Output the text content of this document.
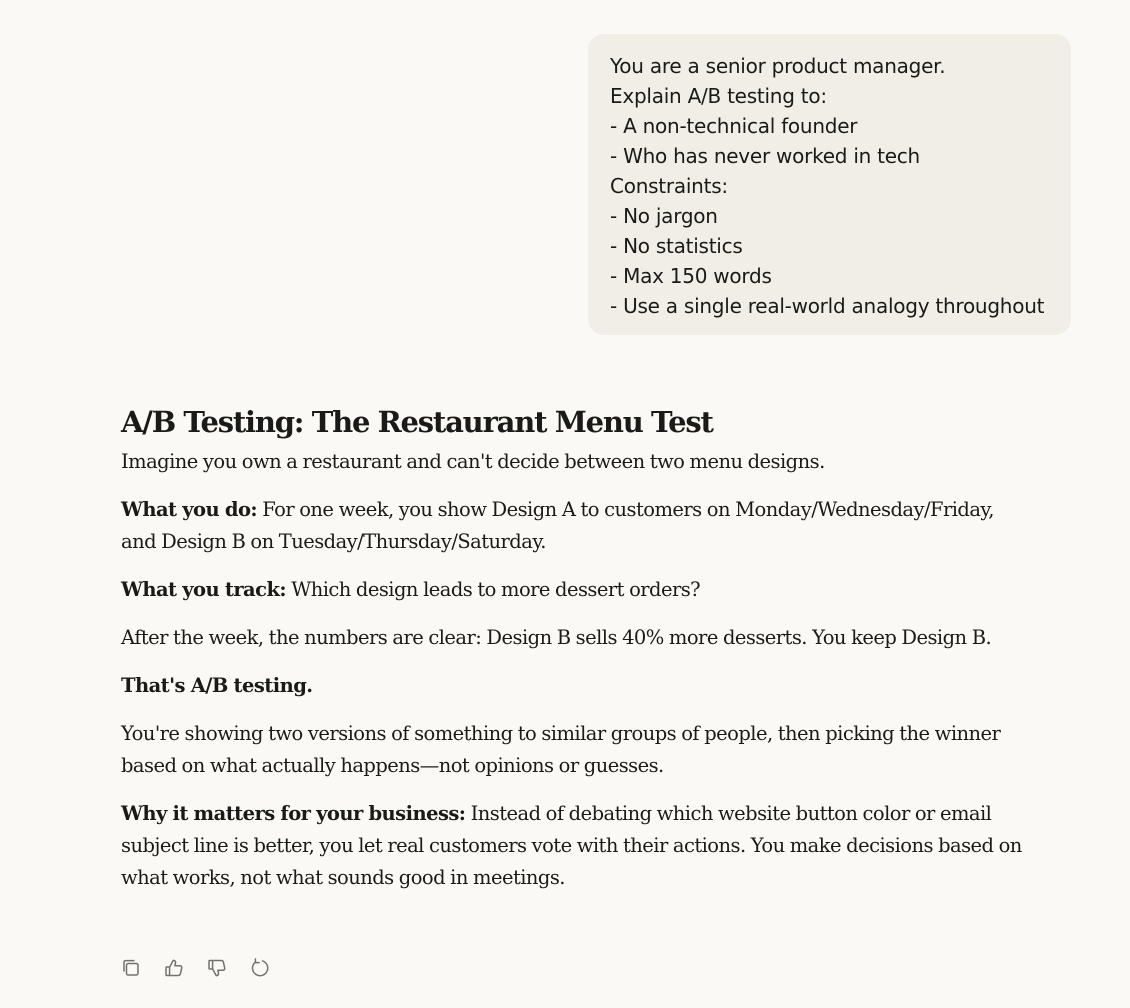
You are a senior product manager.
Explain A/B testing to:
- A non-technical founder
- Who has never worked in tech
Constraints:
- No jargon
- No statistics
- Max 150 words
- Use a single real-world analogy throughout
A/B Testing: The Restaurant Menu Test

Imagine you own a restaurant and can't decide between two menu designs.

What you do: For one week, you show Design A to customers on Monday/Wednesday/Friday, and Design B on Tuesday/Thursday/Saturday.

What you track: Which design leads to more dessert orders?

After the week, the numbers are clear: Design B sells 40% more desserts. You keep Design B.

That's A/B testing.

You're showing two versions of something to similar groups of people, then picking the winner based on what actually happens—not opinions or guesses.

Why it matters for your business: Instead of debating which website button color or email subject line is better, you let real customers vote with their actions. You make decisions based on what works, not what sounds good in meetings.
